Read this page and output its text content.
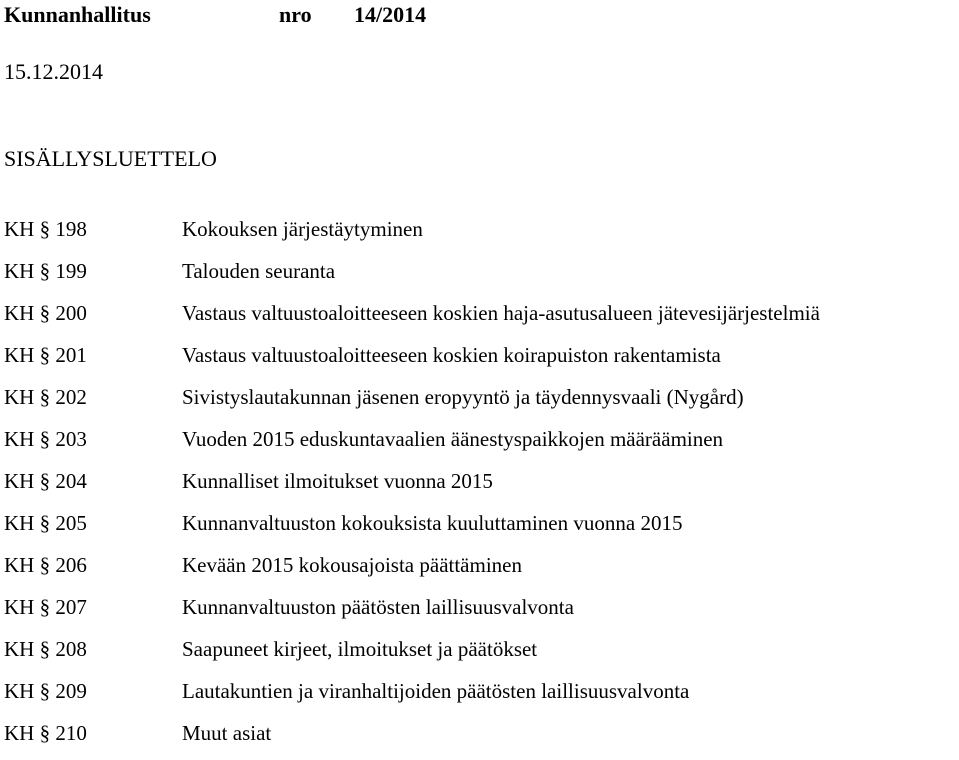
Kunnanhallitus	nro 14/2014
15.12.2014
SISÄLLYSLUETTELO
KH § 198	Kokouksen järjestäytyminen
KH § 199	Talouden seuranta
KH § 200	Vastaus valtuustoaloitteeseen koskien haja-asutusalueen jätevesijärjestelmiä
KH § 201	Vastaus valtuustoaloitteeseen koskien koirapuiston rakentamista
KH § 202	Sivistyslautakunnan jäsenen eropyyntö ja täydennysvaali (Nygård)
KH § 203	Vuoden 2015 eduskuntavaalien äänestyspaikkojen määrääminen
KH § 204	Kunnalliset ilmoitukset vuonna 2015
KH § 205	Kunnanvaltuuston kokouksista kuuluttaminen vuonna 2015
KH § 206	Kevään 2015 kokousajoista päättäminen
KH § 207	Kunnanvaltuuston päätösten laillisuusvalvonta
KH § 208	Saapuneet kirjeet, ilmoitukset ja päätökset
KH § 209	Lautakuntien ja viranhaltijoiden päätösten laillisuusvalvonta
KH § 210	Muut asiat
